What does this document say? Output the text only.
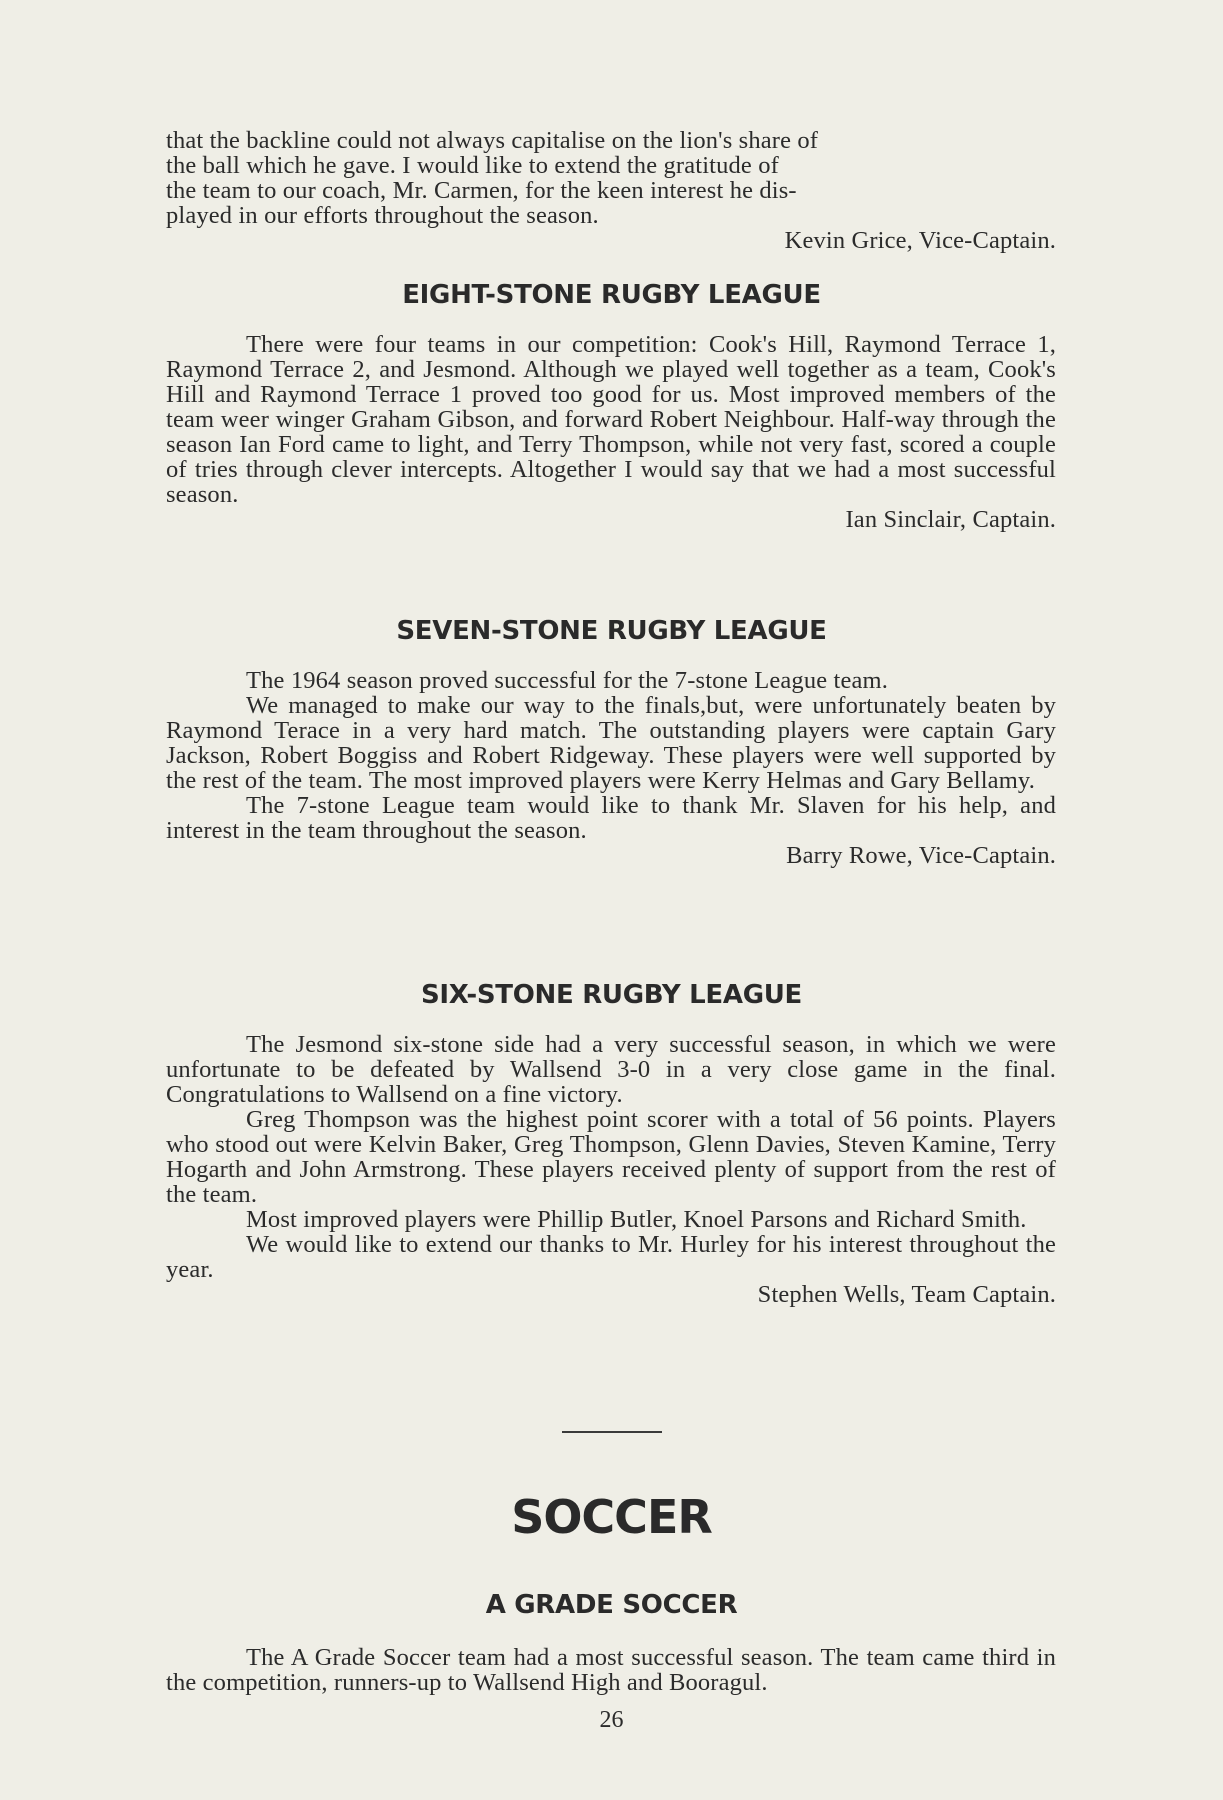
that the backline could not always capitalise on the lion's share of

the ball which he gave. I would like to extend the gratitude of

the team to our coach, Mr. Carmen, for the keen interest he dis-

played in our efforts throughout the season.

Kevin Grice, Vice-Captain.

EIGHT-STONE RUGBY LEAGUE

There were four teams in our competition: Cook's Hill, Raymond Terrace 1, Raymond Terrace 2, and Jesmond. Although we played well together as a team, Cook's Hill and Raymond Terrace 1 proved too good for us. Most improved members of the team weer winger Graham Gibson, and forward Robert Neighbour. Half-way through the season Ian Ford came to light, and Terry Thompson, while not very fast, scored a couple of tries through clever intercepts. Altogether I would say that we had a most successful season.

Ian Sinclair, Captain.

SEVEN-STONE RUGBY LEAGUE

The 1964 season proved successful for the 7-stone League team.

We managed to make our way to the finals,but, were unfortunately beaten by Raymond Terace in a very hard match. The outstanding players were captain Gary Jackson, Robert Boggiss and Robert Ridgeway. These players were well supported by the rest of the team. The most improved players were Kerry Helmas and Gary Bellamy.

The 7-stone League team would like to thank Mr. Slaven for his help, and interest in the team throughout the season.

Barry Rowe, Vice-Captain.

SIX-STONE RUGBY LEAGUE

The Jesmond six-stone side had a very successful season, in which we were unfortunate to be defeated by Wallsend 3-0 in a very close game in the final. Congratulations to Wallsend on a fine victory.

Greg Thompson was the highest point scorer with a total of 56 points. Players who stood out were Kelvin Baker, Greg Thompson, Glenn Davies, Steven Kamine, Terry Hogarth and John Armstrong. These players received plenty of support from the rest of the team.

Most improved players were Phillip Butler, Knoel Parsons and Richard Smith.

We would like to extend our thanks to Mr. Hurley for his interest throughout the year.

Stephen Wells, Team Captain.

SOCCER
A GRADE SOCCER

The A Grade Soccer team had a most successful season. The team came third in the competition, runners-up to Wallsend High and Booragul.

26
